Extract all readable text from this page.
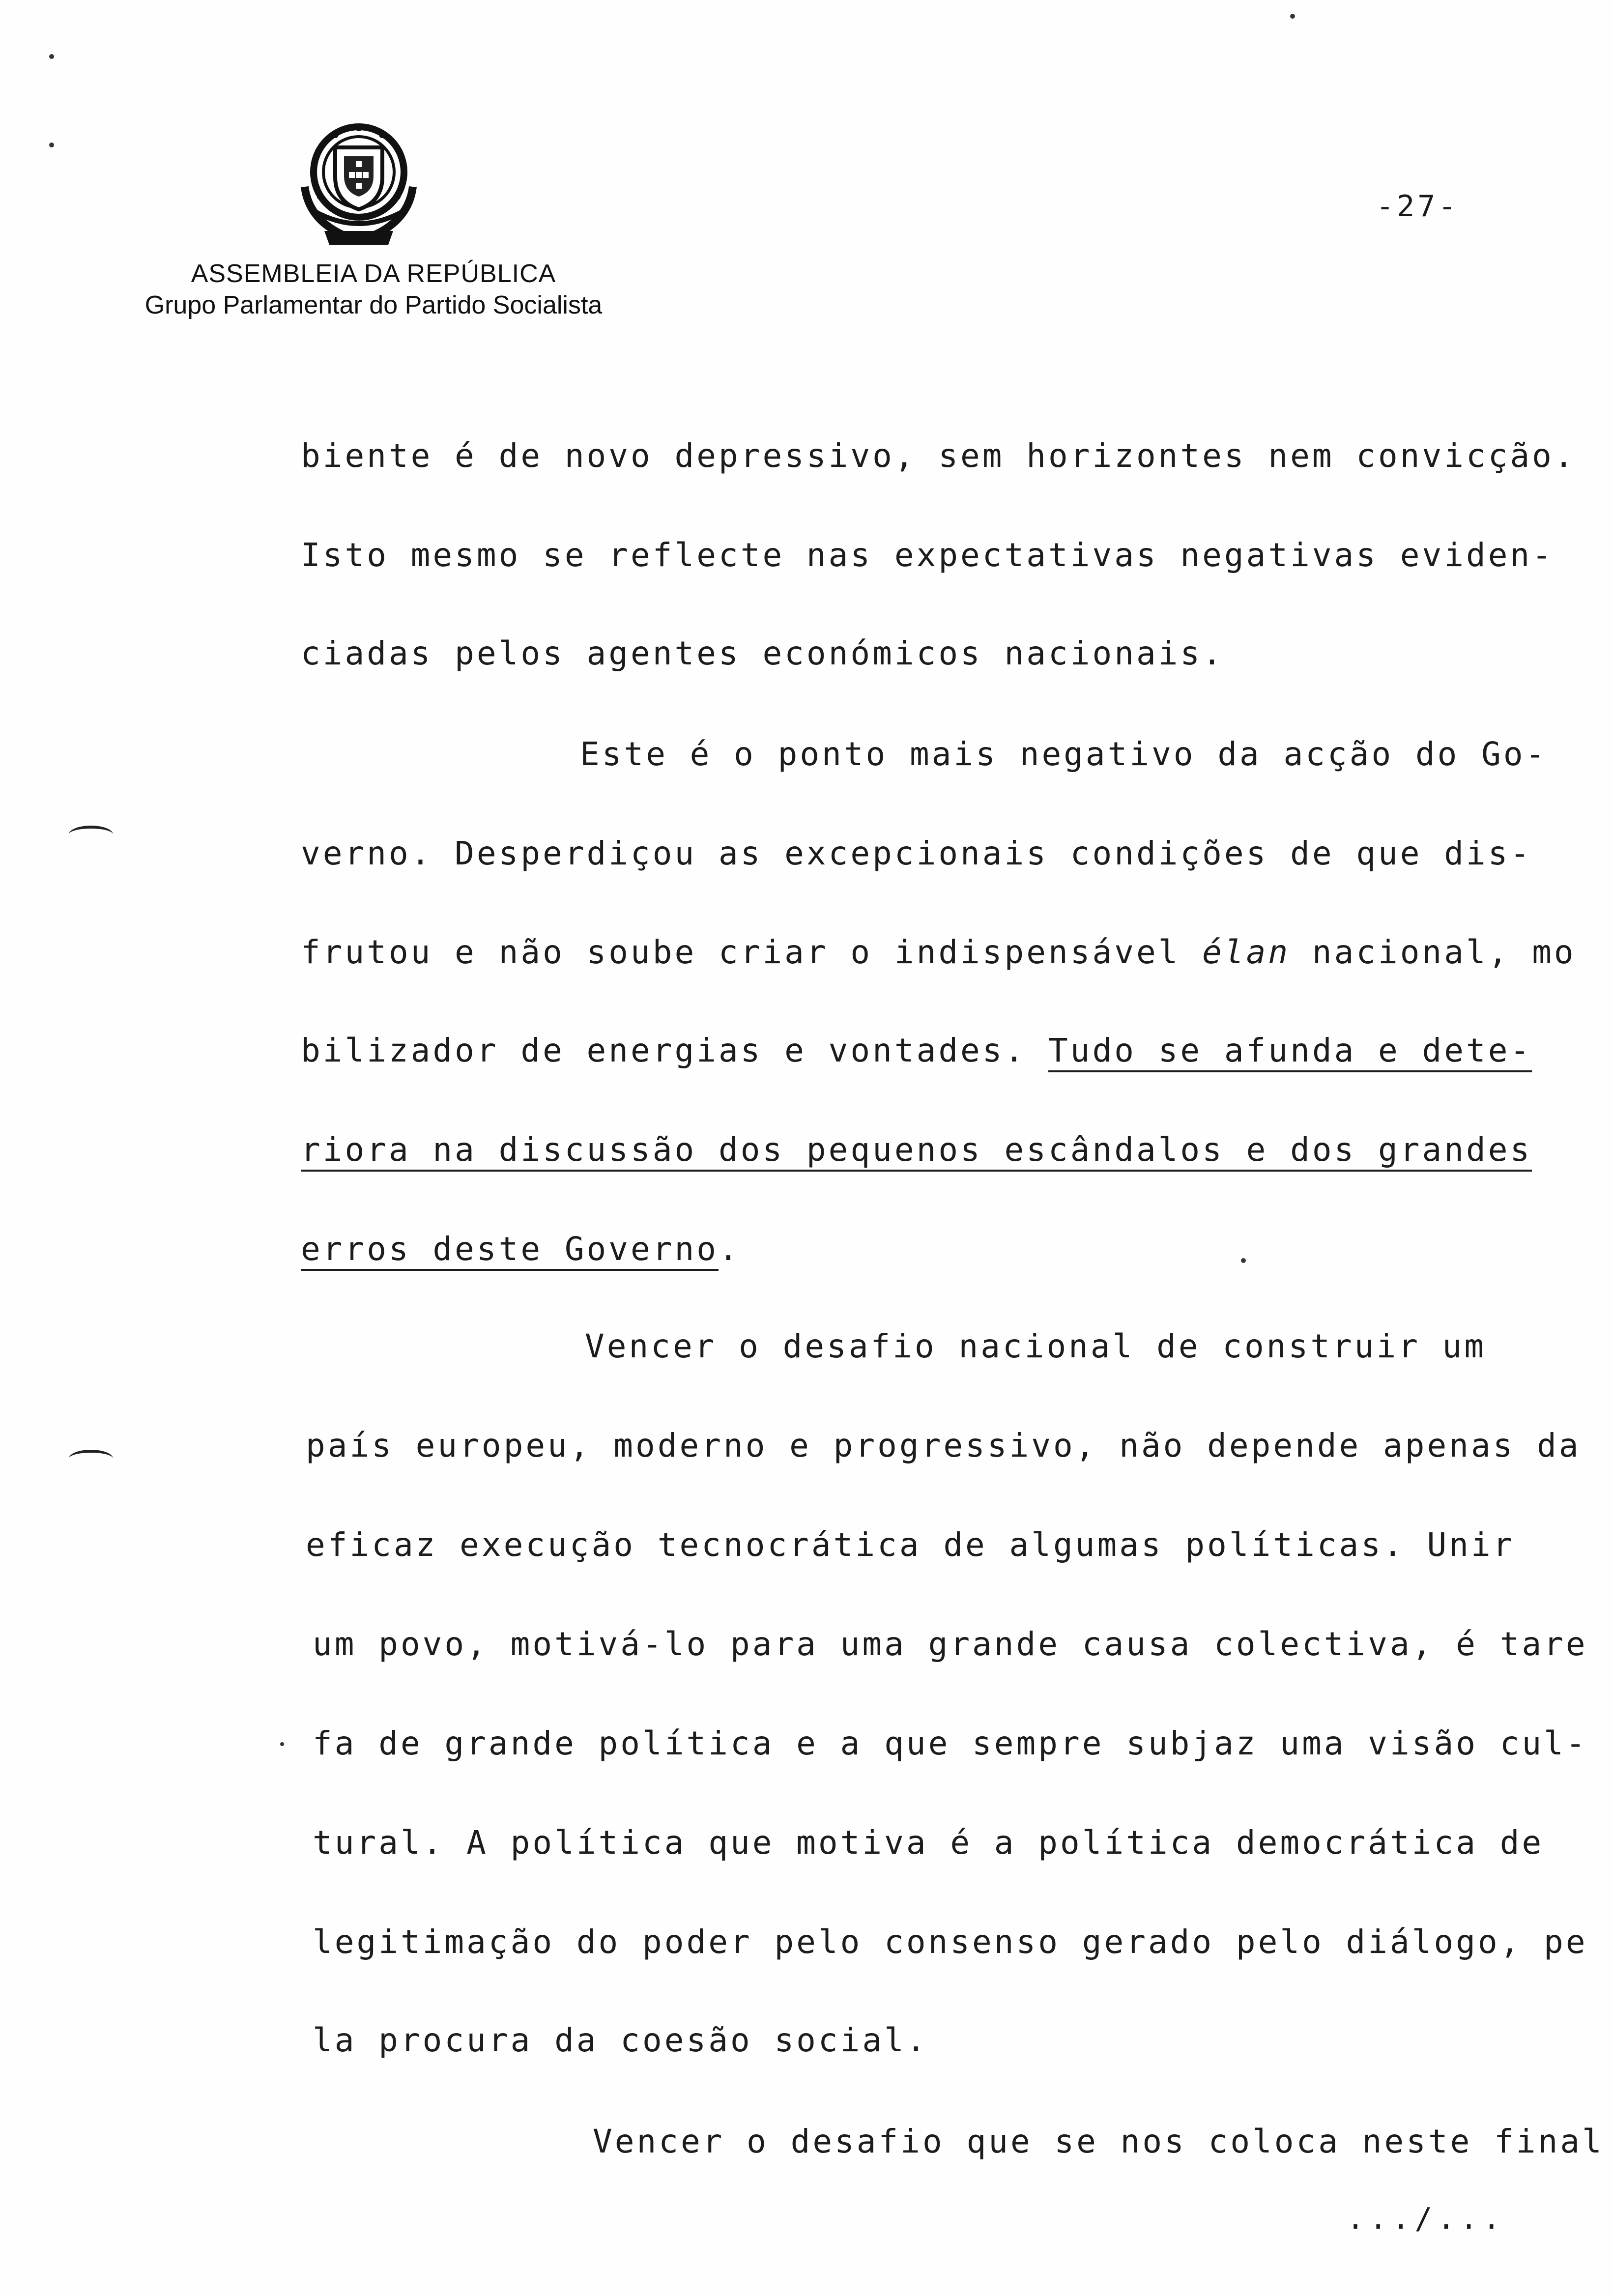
ASSEMBLEIA DA REPÚBLICA
Grupo Parlamentar do Partido Socialista
-27-
biente é de novo depressivo, sem horizontes nem convicção.
Isto mesmo se reflecte nas expectativas negativas eviden-
ciadas pelos agentes económicos nacionais.
Este é o ponto mais negativo da acção do Go-
verno. Desperdiçou as excepcionais condições de que dis-
frutou e não soube criar o indispensável élan nacional, mo
bilizador de energias e vontades. Tudo se afunda e dete-
riora na discussão dos pequenos escândalos e dos grandes
erros deste Governo.
Vencer o desafio nacional de construir um
país europeu, moderno e progressivo, não depende apenas da
eficaz execução tecnocrática de algumas políticas. Unir
um povo, motivá-lo para uma grande causa colectiva, é tare
fa de grande política e a que sempre subjaz uma visão cul-
tural. A política que motiva é a política democrática de
legitimação do poder pelo consenso gerado pelo diálogo, pe
la procura da coesão social.
Vencer o desafio que se nos coloca neste final
.../...
